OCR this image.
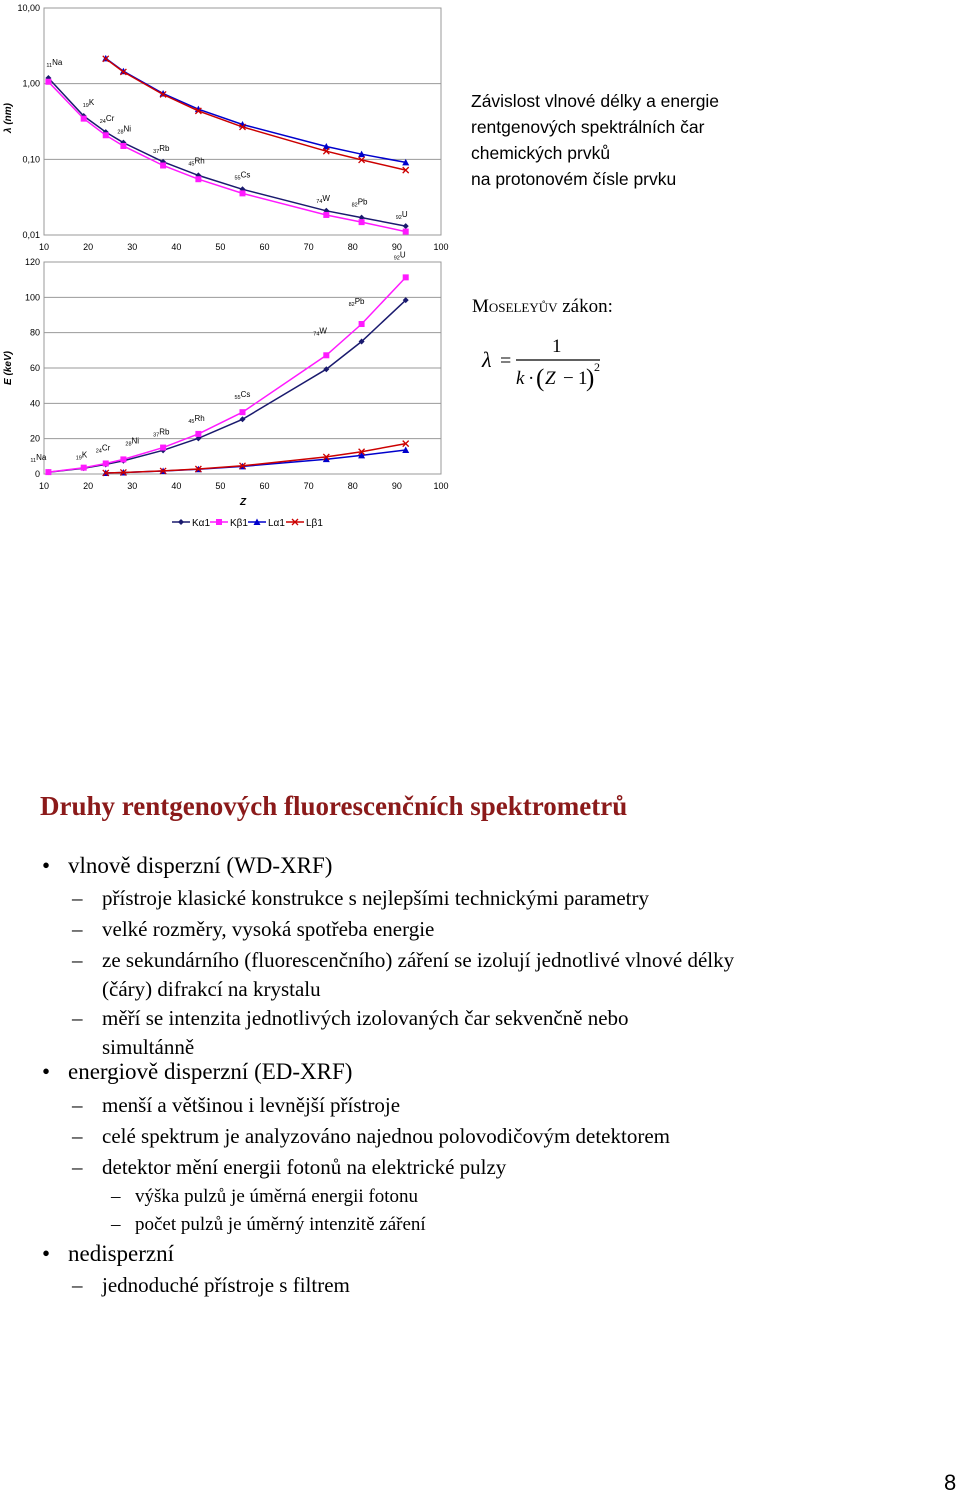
λ (nm)
10,00
1,00
0,10
0,01
10	20	30	40	50	60	70	80	90	100
$_{11}$Na
$_{19}$K
$_{24}$Cr
$_{28}$Ni
$_{37}$Rb
$_{45}$Rh
$_{55}$Cs
$_{74}$W
$_{82}$Pb
$_{92}$U
E (keV)
Z
120
100
80
60
40
20
0
10	20	30	40	50	60	70	80	90	100
$_{11}$Na	$_{19}$K $_{24}$Cr	$_{28}$Ni
$_{37}$Rb
$_{45}$Rh
$_{55}$Cs
$_{74}$W
$_{82}$Pb
$_{92}$U
Kα1 Kβ1 Lα1 Lβ1
Závislost vlnové délky a energie
rentgenových spektrálních čar
chemických prvků
na protonovém čísle prvku
Moseleyův zákon:
λ =
1
k · ( Z − 1
) 2
Druhy rentgenových fluorescenčních spektrometrů
• vlnově disperzní (WD-XRF)
– přístroje klasické konstrukce s nejlepšími technickými parametry
– velké rozměry, vysoká spotřeba energie
– ze sekundárního (fluorescenčního) záření se izolují jednotlivé vlnové délky (čáry) difrakcí na krystalu
– měří se intenzita jednotlivých izolovaných čar sekvenčně nebo simultánně
• energiově disperzní (ED-XRF)
– menší a většinou i levnější přístroje
– celé spektrum je analyzováno najednou polovodičovým detektorem
– detektor mění energii fotonů na elektrické pulzy
– výška pulzů je úměrná energii fotonu
– počet pulzů je úměrný intenzitě záření
• nedisperzní
– jednoduché přístroje s filtrem
8
